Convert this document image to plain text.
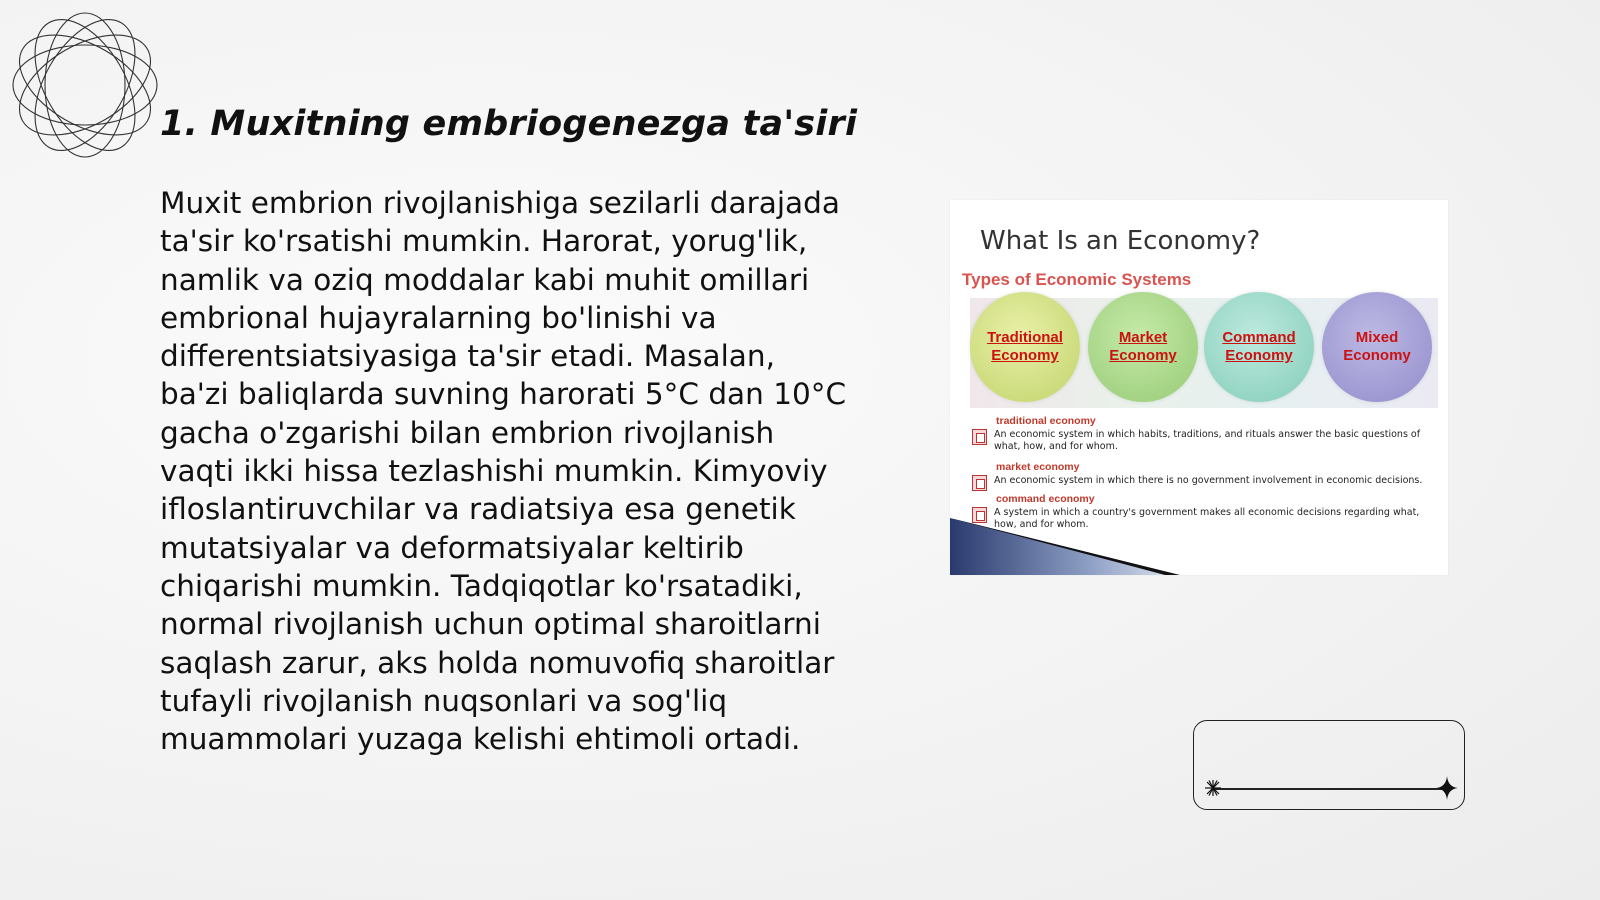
1. Muxitning embriogenezga ta'siri

Muxit embrion rivojlanishiga sezilarli darajada ta'sir ko'rsatishi mumkin. Harorat, yorug'lik, namlik va oziq moddalar kabi muhit omillari embrional hujayralarning bo'linishi va differentsiatsiyasiga ta'sir etadi. Masalan, ba'zi baliqlarda suvning harorati 5°C dan 10°C gacha o'zgarishi bilan embrion rivojlanish vaqti ikki hissa tezlashishi mumkin. Kimyoviy ifloslantiruvchilar va radiatsiya esa genetik mutatsiyalar va deformatsiyalar keltirib chiqarishi mumkin. Tadqiqotlar ko'rsatadiki, normal rivojlanish uchun optimal sharoitlarni saqlash zarur, aks holda nomuvofiq sharoitlar tufayli rivojlanish nuqsonlari va sog'liq muammolari yuzaga kelishi ehtimoli ortadi.

What Is an Economy?

Types of Economic Systems

Traditional
Economy
Market
Economy
Command
Economy
Mixed
Economy

traditional economy

An economic system in which habits, traditions, and rituals answer the basic questions of what, how, and for whom.

market economy

An economic system in which there is no government involvement in economic decisions.

command economy

A system in which a country's government makes all economic decisions regarding what, how, and for whom.
